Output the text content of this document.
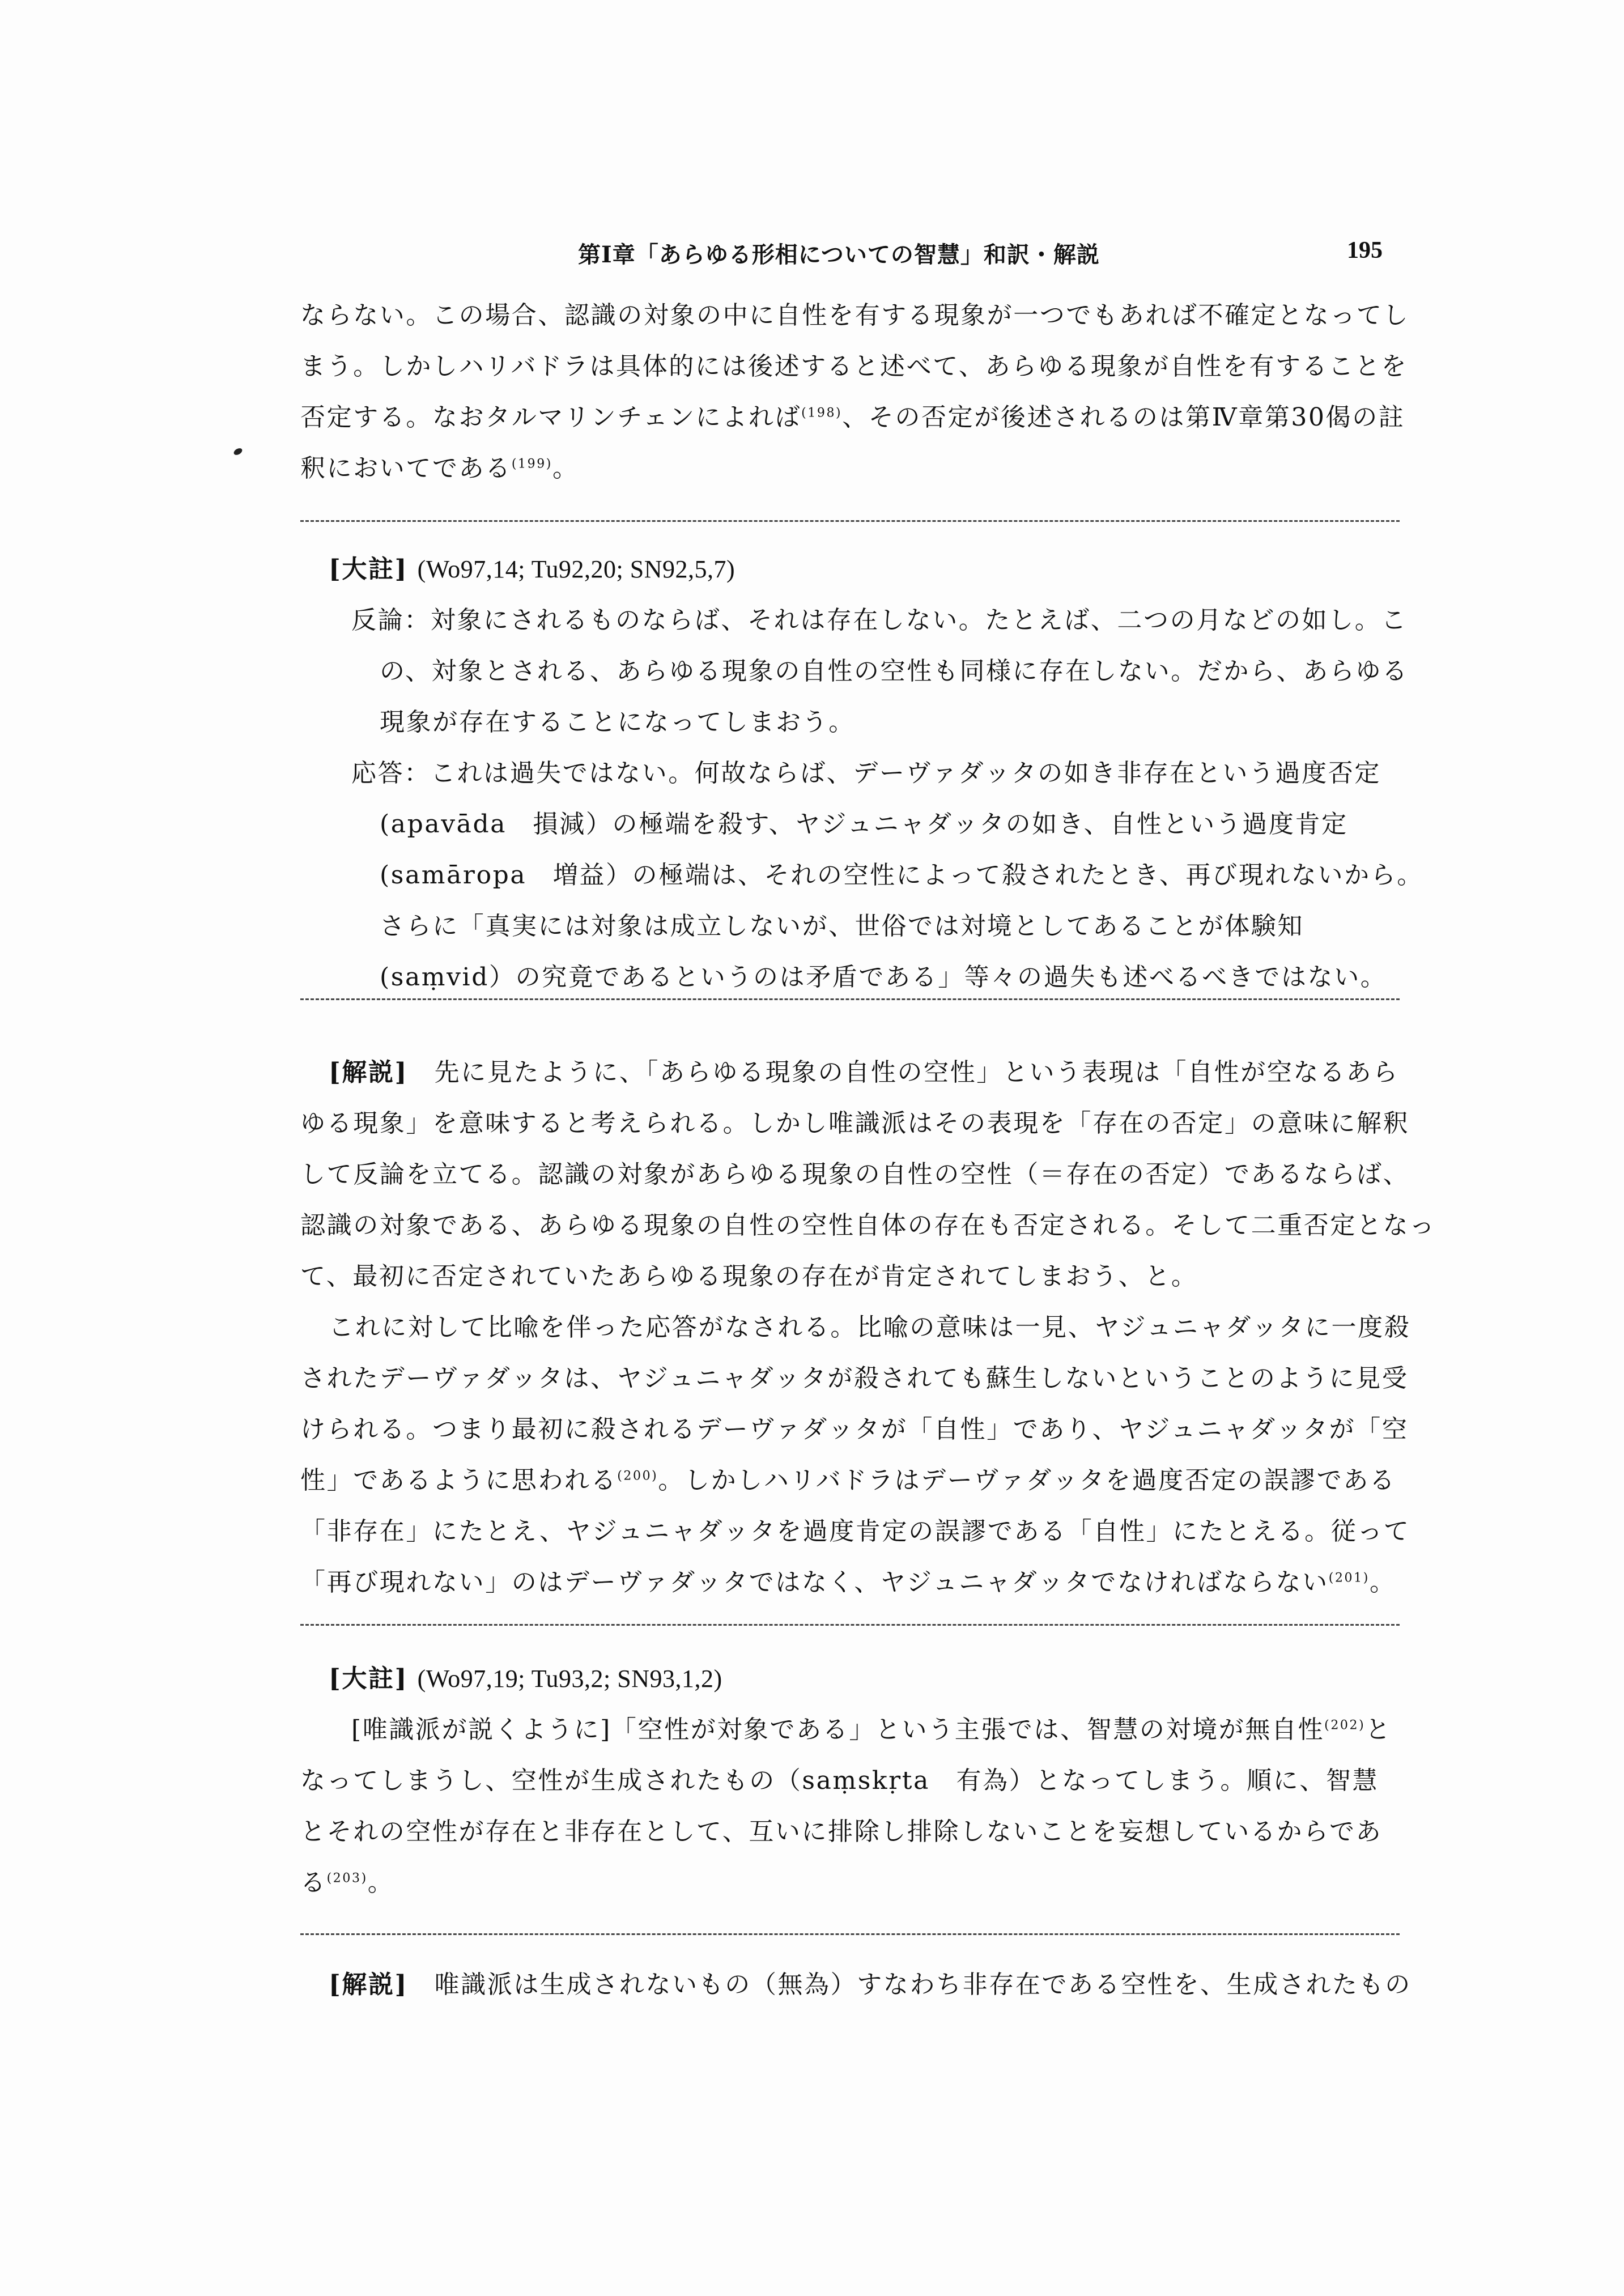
第Ⅰ章「あらゆる形相についての智慧」和訳・解説	195
ならない。この場合、認識の対象の中に自性を有する現象が一つでもあれば不確定となってし
まう。しかしハリバドラは具体的には後述すると述べて、あらゆる現象が自性を有することを
否定する。なおタルマリンチェンによれば$^{(198)}$、その否定が後述されるのは第Ⅳ章第30偈の註
釈においてである$^{(199)}$。
[大註] (Wo97,14; Tu92,20; SN92,5,7)
反論：対象にされるものならば、それは存在しない。たとえば、二つの月などの如し。こ
の、対象とされる、あらゆる現象の自性の空性も同様に存在しない。だから、あらゆる
現象が存在することになってしまおう。
応答：これは過失ではない。何故ならば、デーヴァダッタの如き非存在という過度否定
(apavāda　損減）の極端を殺す、ヤジュニャダッタの如き、自性という過度肯定
(samāropa　増益）の極端は、それの空性によって殺されたとき、再び現れないから。
さらに「真実には対象は成立しないが、世俗では対境としてあることが体験知
(saṃvid）の究竟であるというのは矛盾である」等々の過失も述べるべきではない。
[解説]　 先に見たように、「あらゆる現象の自性の空性」という表現は「自性が空なるあら
ゆる現象」を意味すると考えられる。しかし唯識派はその表現を「存在の否定」の意味に解釈
して反論を立てる。認識の対象があらゆる現象の自性の空性（＝存在の否定）であるならば、
認識の対象である、あらゆる現象の自性の空性自体の存在も否定される。そして二重否定となっ
て、最初に否定されていたあらゆる現象の存在が肯定されてしまおう、と。
これに対して比喩を伴った応答がなされる。比喩の意味は一見、ヤジュニャダッタに一度殺
されたデーヴァダッタは、ヤジュニャダッタが殺されても蘇生しないということのように見受
けられる。つまり最初に殺されるデーヴァダッタが「自性」であり、ヤジュニャダッタが「空
性」であるように思われる$^{(200)}$。しかしハリバドラはデーヴァダッタを過度否定の誤謬である
「非存在」にたとえ、ヤジュニャダッタを過度肯定の誤謬である「自性」にたとえる。従って
「再び現れない」のはデーヴァダッタではなく、ヤジュニャダッタでなければならない$^{(201)}$。
[大註] (Wo97,19; Tu93,2; SN93,1,2)
[唯識派が説くように]「空性が対象である」という主張では、智慧の対境が無自性$^{(202)}$と
なってしまうし、空性が生成されたもの（saṃskṛta　有為）となってしまう。順に、智慧
とそれの空性が存在と非存在として、互いに排除し排除しないことを妄想しているからであ
る$^{(203)}$。
[解説]　 唯識派は生成されないもの（無為）すなわち非存在である空性を、生成されたもの
